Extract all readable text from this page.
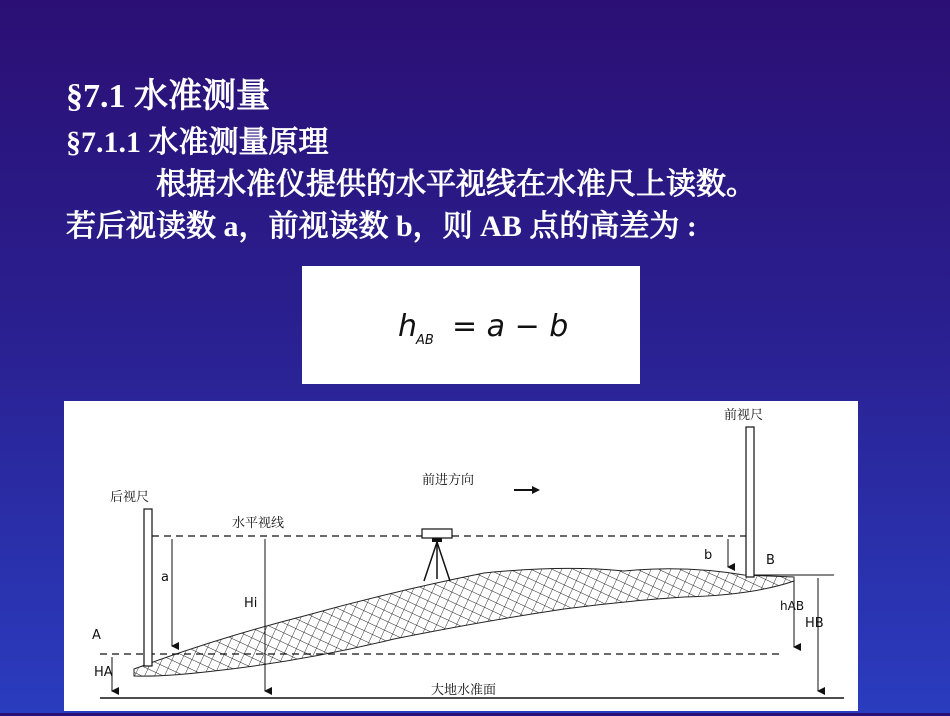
§7.1 水准测量

§7.1.1 水准测量原理

根据水准仪提供的水平视线在水准尺上读数。

若后视读数 a，前视读数 b，则 AB 点的高差为 :

h
AB = a − b
后视尺
前视尺
前进方向
水平视线
a
b
Hi
A
B
HA
hAB
HB
大地水准面
